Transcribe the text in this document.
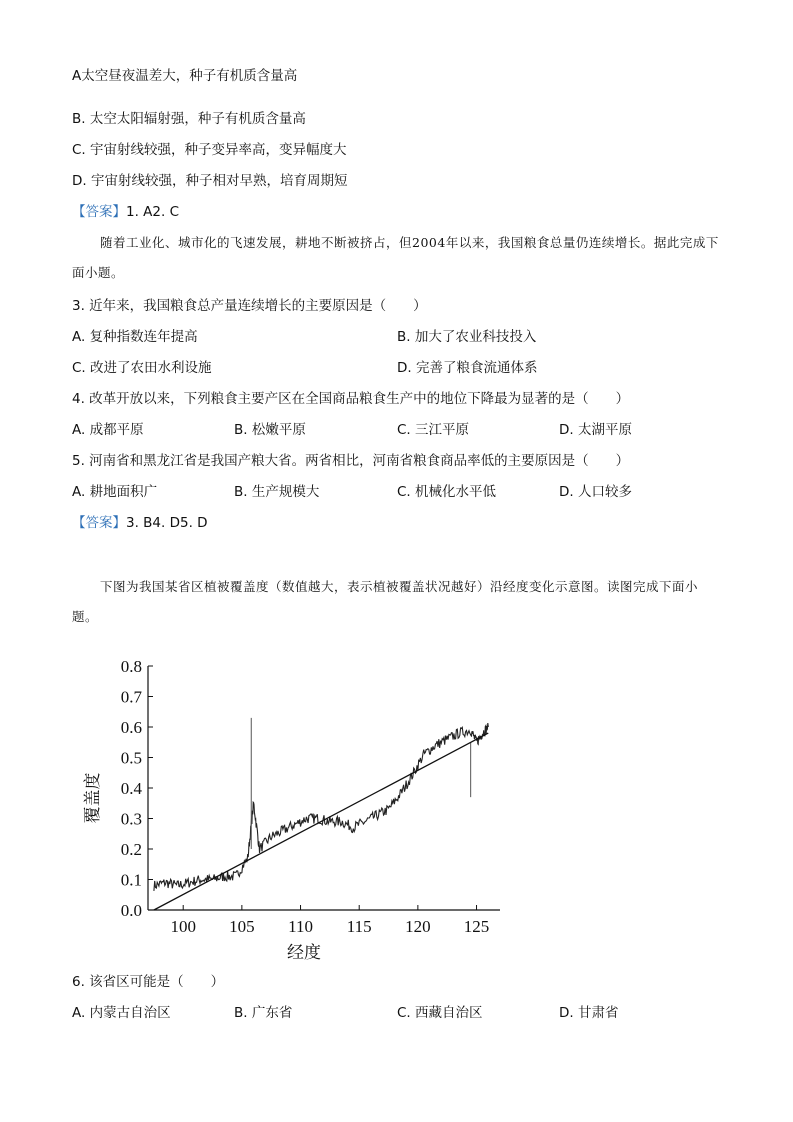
A太空昼夜温差大，种子有机质含量高
B. 太空太阳辐射强，种子有机质含量高
C. 宇宙射线较强，种子变异率高，变异幅度大
D. 宇宙射线较强，种子相对早熟，培育周期短
【答案】1. A2. C
随着工业化、城市化的飞速发展，耕地不断被挤占，但2004年以来，我国粮食总量仍连续增长。据此完成下面小题。
3. 近年来，我国粮食总产量连续增长的主要原因是（　　）
A. 复种指数连年提高	B. 加大了农业科技投入
C. 改进了农田水利设施	D. 完善了粮食流通体系
4. 改革开放以来，下列粮食主要产区在全国商品粮食生产中的地位下降最为显著的是（　　）
A. 成都平原	B. 松嫩平原	C. 三江平原	D. 太湖平原
5. 河南省和黑龙江省是我国产粮大省。两省相比，河南省粮食商品率低的主要原因是（　　）
A. 耕地面积广	B. 生产规模大	C. 机械化水平低	D. 人口较多
【答案】3. B4. D5. D
下图为我国某省区植被覆盖度（数值越大，表示植被覆盖状况越好）沿经度变化示意图。读图完成下面小题。
0.0
0.1
0.2
0.3
0.4
0.5
0.6
0.7
0.8
100 105 110 115 120 125
经度
覆盖度
6. 该省区可能是（　　）
A. 内蒙古自治区	B. 广东省	C. 西藏自治区	D. 甘肃省
